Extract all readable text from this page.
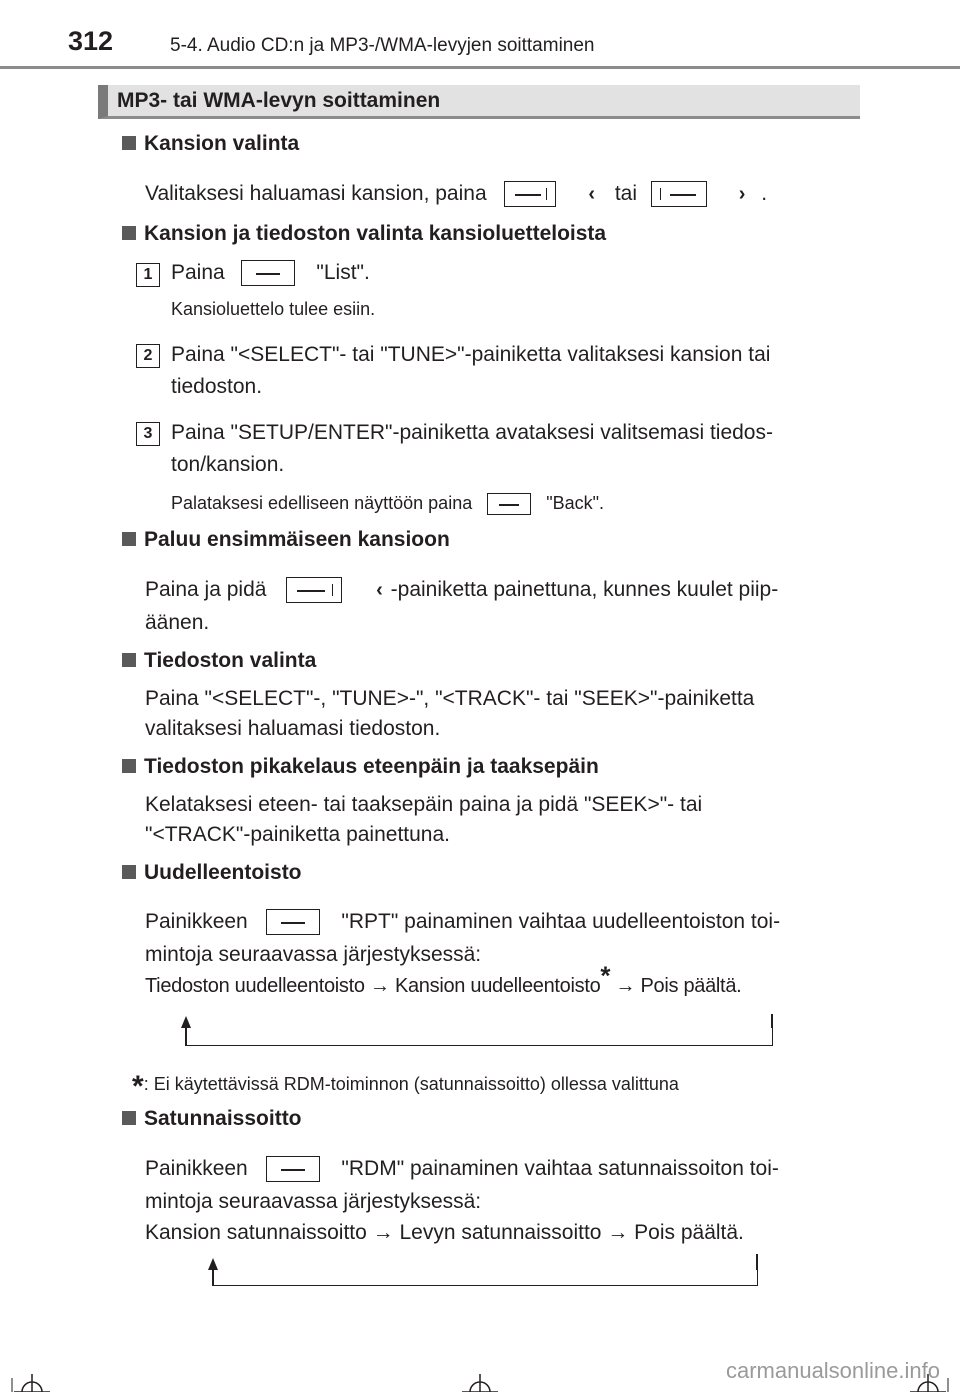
312	5-4. Audio CD:n ja MP3-/WMA-levyjen soittaminen
MP3- tai WMA-levyn soittaminen
Kansion valinta
Valitaksesi haluamasi kansion, paina	‹ tai	› .
Kansion ja tiedoston valinta kansioluetteloista
1 Paina	"List".
Kansioluettelo tulee esiin.
2 Paina "<SELECT"- tai "TUNE>"-painiketta valitaksesi kansion tai
tiedoston.
3 Paina "SETUP/ENTER"-painiketta avataksesi valitsemasi tiedos-
ton/kansion.
Palataksesi edelliseen näyttöön paina	"Back".
Paluu ensimmäiseen kansioon
Paina ja pidä	‹ -painiketta painettuna, kunnes kuulet piip-
äänen.
Tiedoston valinta
Paina "<SELECT"-, "TUNE>-", "<TRACK"- tai "SEEK>"-painiketta
valitaksesi haluamasi tiedoston.
Tiedoston pikakelaus eteenpäin ja taaksepäin
Kelataksesi eteen- tai taaksepäin paina ja pidä "SEEK>"- tai
"<TRACK"-painiketta painettuna.
Uudelleentoisto
Painikkeen	"RPT" painaminen vaihtaa uudelleentoiston toi-
mintoja seuraavassa järjestyksessä:
Tiedoston uudelleentoisto → Kansion uudelleentoisto* → Pois päältä.
*: Ei käytettävissä RDM-toiminnon (satunnaissoitto) ollessa valittuna
Satunnaissoitto
Painikkeen	"RDM" painaminen vaihtaa satunnaissoiton toi-
mintoja seuraavassa järjestyksessä:
Kansion satunnaissoitto → Levyn satunnaissoitto → Pois päältä.
carmanualsonline.info
